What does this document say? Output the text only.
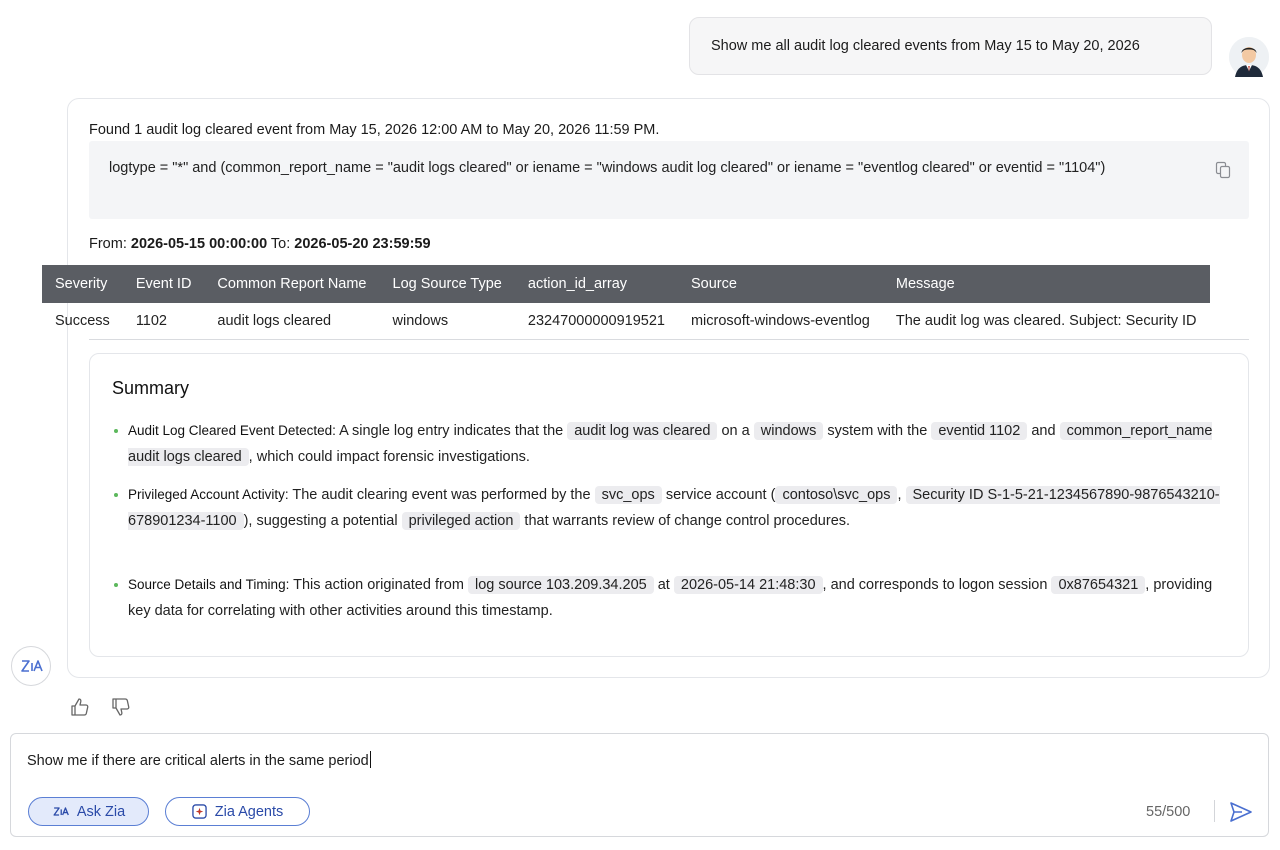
Show me all audit log cleared events from May 15 to May 20, 2026
Found 1 audit log cleared event from May 15, 2026 12:00 AM to May 20, 2026 11:59 PM.
logtype = "*" and (common_report_name = "audit logs cleared" or iename = "windows audit log cleared" or iename = "eventlog cleared" or eventid = "1104")
From: 2026-05-15 00:00:00 To: 2026-05-20 23:59:59
Severity	Event ID	Common Report Name	Log Source Type	action_id_array	Source	Message
Success	1102	audit logs cleared	windows	23247000000919521	microsoft-windows-eventlog	The audit log was cleared. Subject: Security ID
Summary
Audit Log Cleared Event Detected: A single log entry indicates that the audit log was cleared on a windows system with the eventid 1102 and common_report_name audit logs cleared , which could impact forensic investigations.
Privileged Account Activity: The audit clearing event was performed by the svc_ops service account ( contoso\svc_ops , Security ID S-1-5-21-1234567890-9876543210-678901234-1100 ), suggesting a potential privileged action that warrants review of change control procedures.
Source Details and Timing: This action originated from log source 103.209.34.205 at 2026-05-14 21:48:30 , and corresponds to logon session 0x87654321 , providing key data for correlating with other activities around this timestamp.
Show me if there are critical alerts in the same period
Ask Zia	Zia Agents	55/500
